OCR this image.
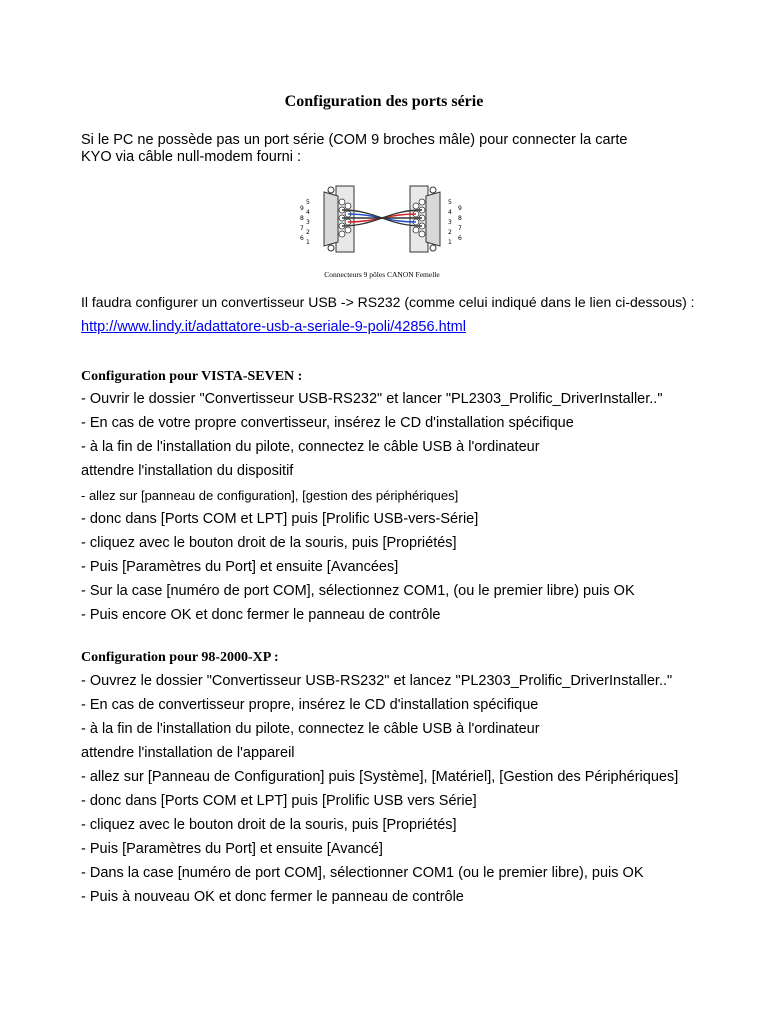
Configuration des ports série
Si le PC ne possède pas un port série (COM 9 broches mâle) pour connecter la carte
KYO via câble null-modem fourni :
5
9
4
8
3
7
2
6
1
5
9
4
8
3
7
2
6
1
Connecteurs 9 pôles CANON Femelle
Il faudra configurer un convertisseur USB -> RS232 (comme celui indiqué dans le lien ci-dessous) :
http://www.lindy.it/adattatore-usb-a-seriale-9-poli/42856.html
Configuration pour VISTA-SEVEN :
- Ouvrir le dossier "Convertisseur USB-RS232" et lancer "PL2303_Prolific_DriverInstaller.."
- En cas de votre propre convertisseur, insérez le CD d'installation spécifique
- à la fin de l'installation du pilote, connectez le câble USB à l'ordinateur
attendre l'installation du dispositif
- allez sur [panneau de configuration], [gestion des périphériques]
- donc dans [Ports COM et LPT] puis [Prolific USB-vers-Série]
- cliquez avec le bouton droit de la souris, puis [Propriétés]
- Puis [Paramètres du Port] et ensuite [Avancées]
- Sur la case [numéro de port COM], sélectionnez COM1, (ou le premier libre) puis OK
- Puis encore OK et donc fermer le panneau de contrôle
Configuration pour 98-2000-XP :
- Ouvrez le dossier "Convertisseur USB-RS232" et lancez "PL2303_Prolific_DriverInstaller.."
- En cas de convertisseur propre, insérez le CD d'installation spécifique
- à la fin de l'installation du pilote, connectez le câble USB à l'ordinateur
attendre l'installation de l'appareil
- allez sur [Panneau de Configuration] puis [Système], [Matériel], [Gestion des Périphériques]
- donc dans [Ports COM et LPT] puis [Prolific USB vers Série]
- cliquez avec le bouton droit de la souris, puis [Propriétés]
- Puis [Paramètres du Port] et ensuite [Avancé]
- Dans la case [numéro de port COM], sélectionner COM1 (ou le premier libre), puis OK
- Puis à nouveau OK et donc fermer le panneau de contrôle
